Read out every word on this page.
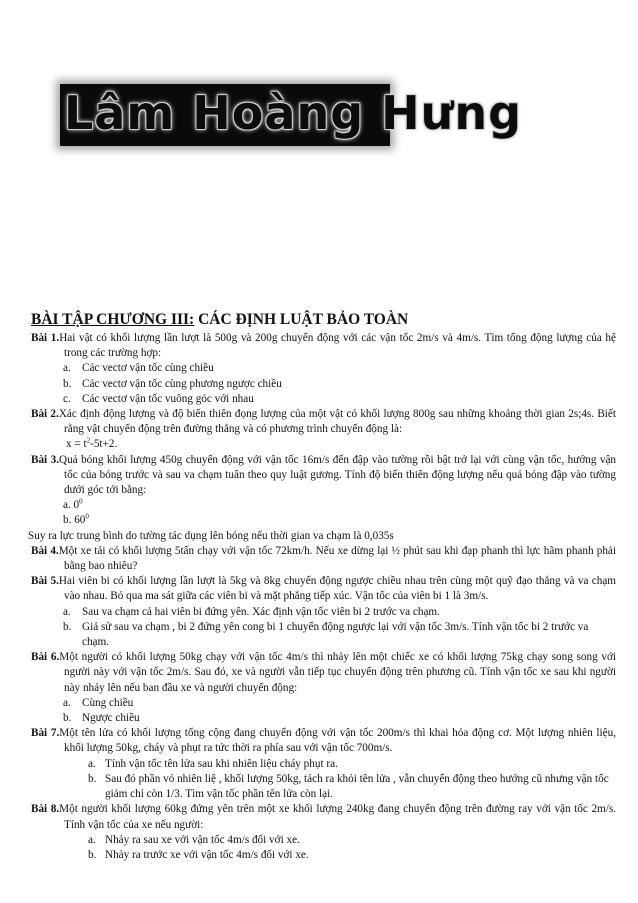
Lâm Hoàng Hưng
BÀI TẬP CHƯƠNG III: CÁC ĐỊNH LUẬT BẢO TOÀN

Bài 1.Hai vật có khối lượng lần lượt là 500g và 200g chuyển động với các vận tốc 2m/s và 4m/s. Tìm tổng động lượng của hệ trong các trường hợp:

a. Các vectơ vận tốc cùng chiều
b. Các vectơ vận tốc cùng phương ngược chiều
c. Các vectơ vận tốc vuông góc với nhau

Bài 2.Xác định động lượng và độ biến thiên đọng lượng của một vật có khối lượng 800g sau những khoảng thời gian 2s;4s. Biết rằng vật chuyển động trên đường thẳng và có phương trình chuyển động là:

$x = t^2-5t+2$.

Bài 3.Quả bóng khối lượng 450g chuyển động với vận tốc 16m/s đến đập vào tường rồi bật trở lại với cùng vận tốc, hướng vận tốc của bóng trước và sau va chạm tuân theo quy luật gương. Tính độ biến thiên động lượng nếu quả bóng đập vào tường dưới góc tới bằng:

a. $0^0$
b. $60^0$
Suy ra lực trung bình do tường tác dụng lên bóng nếu thời gian va chạm là 0,035s

Bài 4.Một xe tải có khối lượng 5tấn chạy với vận tốc 72km/h. Nếu xe dừng lại ½ phút sau khi đạp phanh thì lực hãm phanh phải bằng bao nhiêu?

Bài 5.Hai viên bi có khối lượng lần lượt là 5kg và 8kg chuyển động ngược chiều nhau trên cùng một quỹ đạo thẳng và va chạm vào nhau. Bỏ qua ma sát giữa các viên bi và mặt phẳng tiếp xúc. Vận tốc của viên bi 1 là 3m/s.

a. Sau va chạm cả hai viên bi đứng yên. Xác định vận tốc viên bi 2 trước va chạm.
b. Giả sử sau va chạm , bi 2 đứng yên cong bi 1 chuyển động ngược lại với vận tốc 3m/s. Tính vận tốc bi 2 trước va chạm.

Bài 6.Một người có khối lượng 50kg chạy với vận tốc 4m/s thì nhảy lên một chiếc xe có khối lượng 75kg chạy song song với người này với vận tốc 2m/s. Sau đó, xe và người vẫn tiếp tục chuyển động trên phương cũ. Tính vận tốc xe sau khi người này nhảy lên nếu ban đầu xe và người chuyển động:

a. Cùng chiều
b. Ngược chiều

Bài 7.Một tên lửa có khối lượng tổng cộng đang chuyển động với vận tốc 200m/s thì khai hỏa động cơ. Một lượng nhiên liệu, khối lượng 50kg, cháy và phụt ra tức thời ra phía sau với vận tốc 700m/s.

a. Tính vận tốc tên lửa sau khi nhiên liệu cháy phụt ra.
b. Sau đó phần vỏ nhiên liệ , khối lượng 50kg, tách ra khỏi tên lửa , vẫn chuyển động theo hướng cũ nhưng vận tốc giảm chỉ còn 1/3. Tìm vận tốc phần tên lửa còn lại.

Bài 8.Một người khối lượng 60kg đứng yên trên một xe khối lượng 240kg đang chuyển động trên đường ray với vận tốc 2m/s. Tính vận tốc của xe nếu người:

a. Nhảy ra sau xe với vận tốc 4m/s đối với xe.
b. Nhảy ra trước xe với vận tốc 4m/s đối với xe.
